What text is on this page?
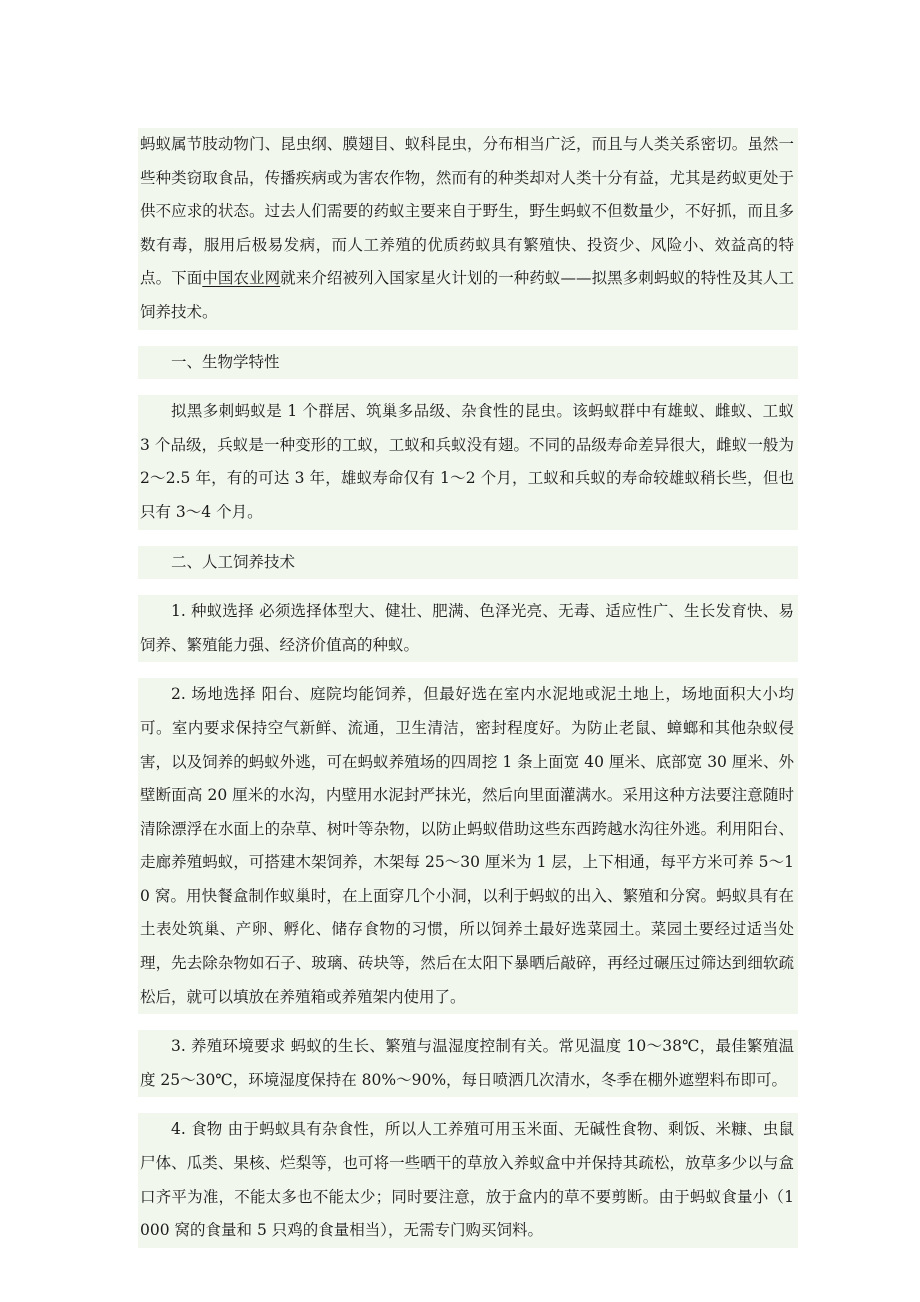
蚂蚁属节肢动物门、昆虫纲、膜翅目、蚁科昆虫，分布相当广泛，而且与人类关系密切。虽然一些种类窃取食品，传播疾病或为害农作物，然而有的种类却对人类十分有益，尤其是药蚁更处于供不应求的状态。过去人们需要的药蚁主要来自于野生，野生蚂蚁不但数量少，不好抓，而且多数有毒，服用后极易发病，而人工养殖的优质药蚁具有繁殖快、投资少、风险小、效益高的特点。下面中国农业网就来介绍被列入国家星火计划的一种药蚁——拟黑多刺蚂蚁的特性及其人工饲养技术。

一、生物学特性

拟黑多刺蚂蚁是 1 个群居、筑巢多品级、杂食性的昆虫。该蚂蚁群中有雄蚁、雌蚁、工蚁 3 个品级，兵蚁是一种变形的工蚁，工蚁和兵蚁没有翅。不同的品级寿命差异很大，雌蚁一般为 2～2.5 年，有的可达 3 年，雄蚁寿命仅有 1～2 个月，工蚁和兵蚁的寿命较雄蚁稍长些，但也只有 3～4 个月。

二、人工饲养技术

1. 种蚁选择 必须选择体型大、健壮、肥满、色泽光亮、无毒、适应性广、生长发育快、易饲养、繁殖能力强、经济价值高的种蚁。

2. 场地选择 阳台、庭院均能饲养，但最好选在室内水泥地或泥土地上，场地面积大小均可。室内要求保持空气新鲜、流通，卫生清洁，密封程度好。为防止老鼠、蟑螂和其他杂蚁侵害，以及饲养的蚂蚁外逃，可在蚂蚁养殖场的四周挖 1 条上面宽 40 厘米、底部宽 30 厘米、外壁断面高 20 厘米的水沟，内壁用水泥封严抹光，然后向里面灌满水。采用这种方法要注意随时清除漂浮在水面上的杂草、树叶等杂物，以防止蚂蚁借助这些东西跨越水沟往外逃。利用阳台、走廊养殖蚂蚁，可搭建木架饲养，木架每 25～30 厘米为 1 层，上下相通，每平方米可养 5～10 窝。用快餐盒制作蚁巢时，在上面穿几个小洞，以利于蚂蚁的出入、繁殖和分窝。蚂蚁具有在土表处筑巢、产卵、孵化、储存食物的习惯，所以饲养土最好选菜园土。菜园土要经过适当处理，先去除杂物如石子、玻璃、砖块等，然后在太阳下暴晒后敲碎，再经过碾压过筛达到细软疏松后，就可以填放在养殖箱或养殖架内使用了。

3. 养殖环境要求 蚂蚁的生长、繁殖与温湿度控制有关。常见温度 10～38℃，最佳繁殖温度 25～30℃，环境湿度保持在 80%～90%，每日喷洒几次清水，冬季在棚外遮塑料布即可。

4. 食物 由于蚂蚁具有杂食性，所以人工养殖可用玉米面、无碱性食物、剩饭、米糠、虫鼠尸体、瓜类、果核、烂梨等，也可将一些晒干的草放入养蚁盒中并保持其疏松，放草多少以与盒口齐平为准，不能太多也不能太少；同时要注意，放于盒内的草不要剪断。由于蚂蚁食量小（1000 窝的食量和 5 只鸡的食量相当），无需专门购买饲料。
